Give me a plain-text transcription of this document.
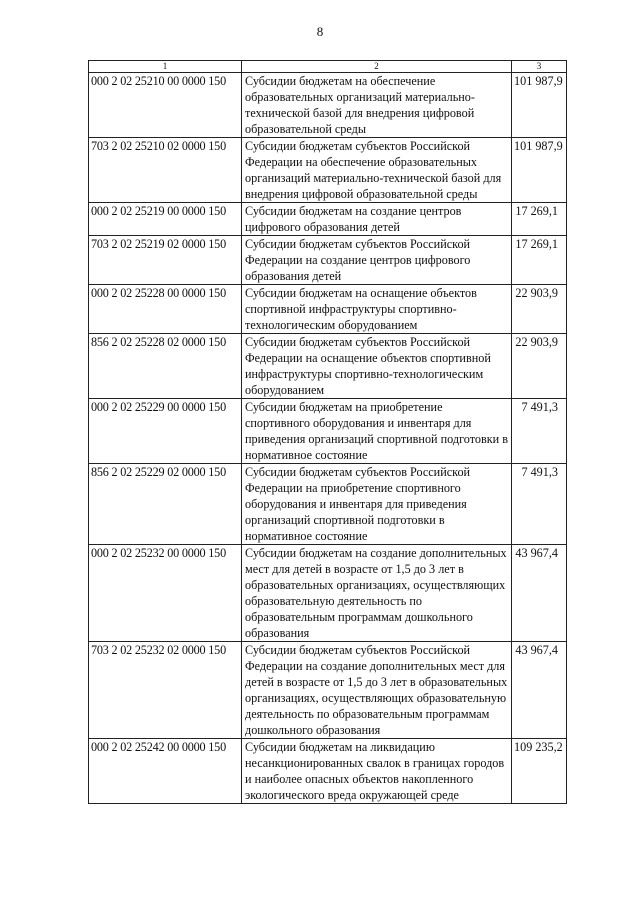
8
1	2	3
000 2 02 25210 00 0000 150	Субсидии бюджетам на обеспечение образовательных организаций материально-технической базой для внедрения цифровой образовательной среды	101 987,9
703 2 02 25210 02 0000 150	Субсидии бюджетам субъектов Российской Федерации на обеспечение образовательных организаций материально-технической базой для внедрения цифровой образовательной среды	101 987,9
000 2 02 25219 00 0000 150	Субсидии бюджетам на создание центров цифрового образования детей	17 269,1
703 2 02 25219 02 0000 150	Субсидии бюджетам субъектов Российской Федерации на создание центров цифрового образования детей	17 269,1
000 2 02 25228 00 0000 150	Субсидии бюджетам на оснащение объектов спортивной инфраструктуры спортивно-технологическим оборудованием	22 903,9
856 2 02 25228 02 0000 150	Субсидии бюджетам субъектов Российской Федерации на оснащение объектов спортивной инфраструктуры спортивно-технологическим оборудованием	22 903,9
000 2 02 25229 00 0000 150	Субсидии бюджетам на приобретение спортивного оборудования и инвентаря для приведения организаций спортивной подготовки в нормативное состояние	7 491,3
856 2 02 25229 02 0000 150	Субсидии бюджетам субъектов Российской Федерации на приобретение спортивного оборудования и инвентаря для приведения организаций спортивной подготовки в нормативное состояние	7 491,3
000 2 02 25232 00 0000 150	Субсидии бюджетам на создание дополнительных мест для детей в возрасте от 1,5 до 3 лет в образовательных организациях, осуществляющих образовательную деятельность по образовательным программам дошкольного образования	43 967,4
703 2 02 25232 02 0000 150	Субсидии бюджетам субъектов Российской Федерации на создание дополнительных мест для детей в возрасте от 1,5 до 3 лет в образовательных организациях, осуществляющих образовательную деятельность по образовательным программам дошкольного образования	43 967,4
000 2 02 25242 00 0000 150	Субсидии бюджетам на ликвидацию несанкционированных свалок в границах городов и наиболее опасных объектов накопленного экологического вреда окружающей среде	109 235,2
